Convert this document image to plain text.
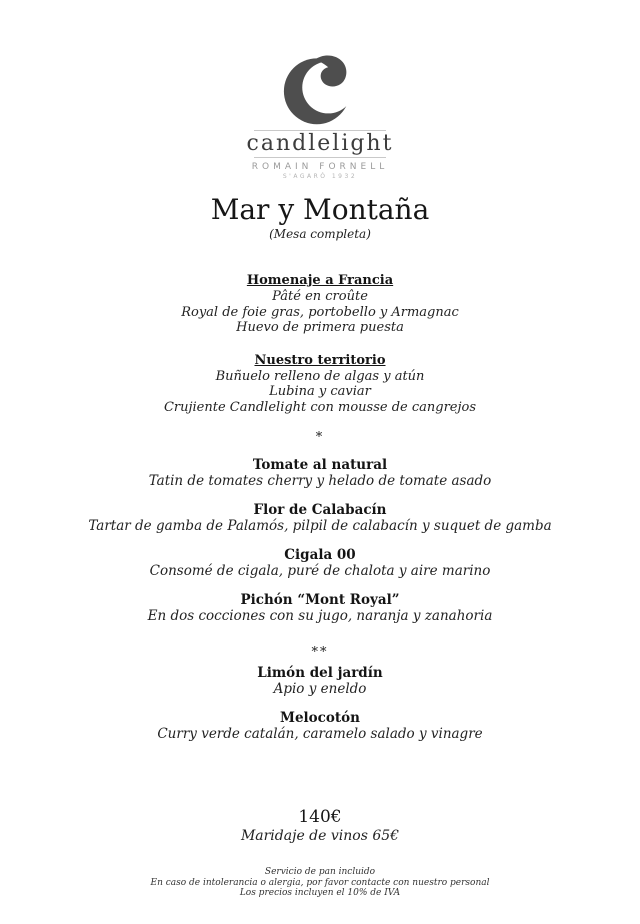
candlelight
ROMAIN FORNELL
S'AGARÓ 1932
Mar y Montaña
(Mesa completa)
Homenaje a Francia
Pâté en croûte
Royal de foie gras, portobello y Armagnac
Huevo de primera puesta
Nuestro territorio
Buñuelo relleno de algas y atún
Lubina y caviar
Crujiente Candlelight con mousse de cangrejos
*
Tomate al natural
Tatin de tomates cherry y helado de tomate asado
Flor de Calabacín
Tartar de gamba de Palamós, pilpil de calabacín y suquet de gamba
Cigala 00
Consomé de cigala, puré de chalota y aire marino
Pichón “Mont Royal”
En dos cocciones con su jugo, naranja y zanahoria
**
Limón del jardín
Apio y eneldo
Melocotón
Curry verde catalán, caramelo salado y vinagre
140€
Maridaje de vinos 65€
Servicio de pan incluido
En caso de intolerancia o alergia, por favor contacte con nuestro personal
Los precios incluyen el 10% de IVA
